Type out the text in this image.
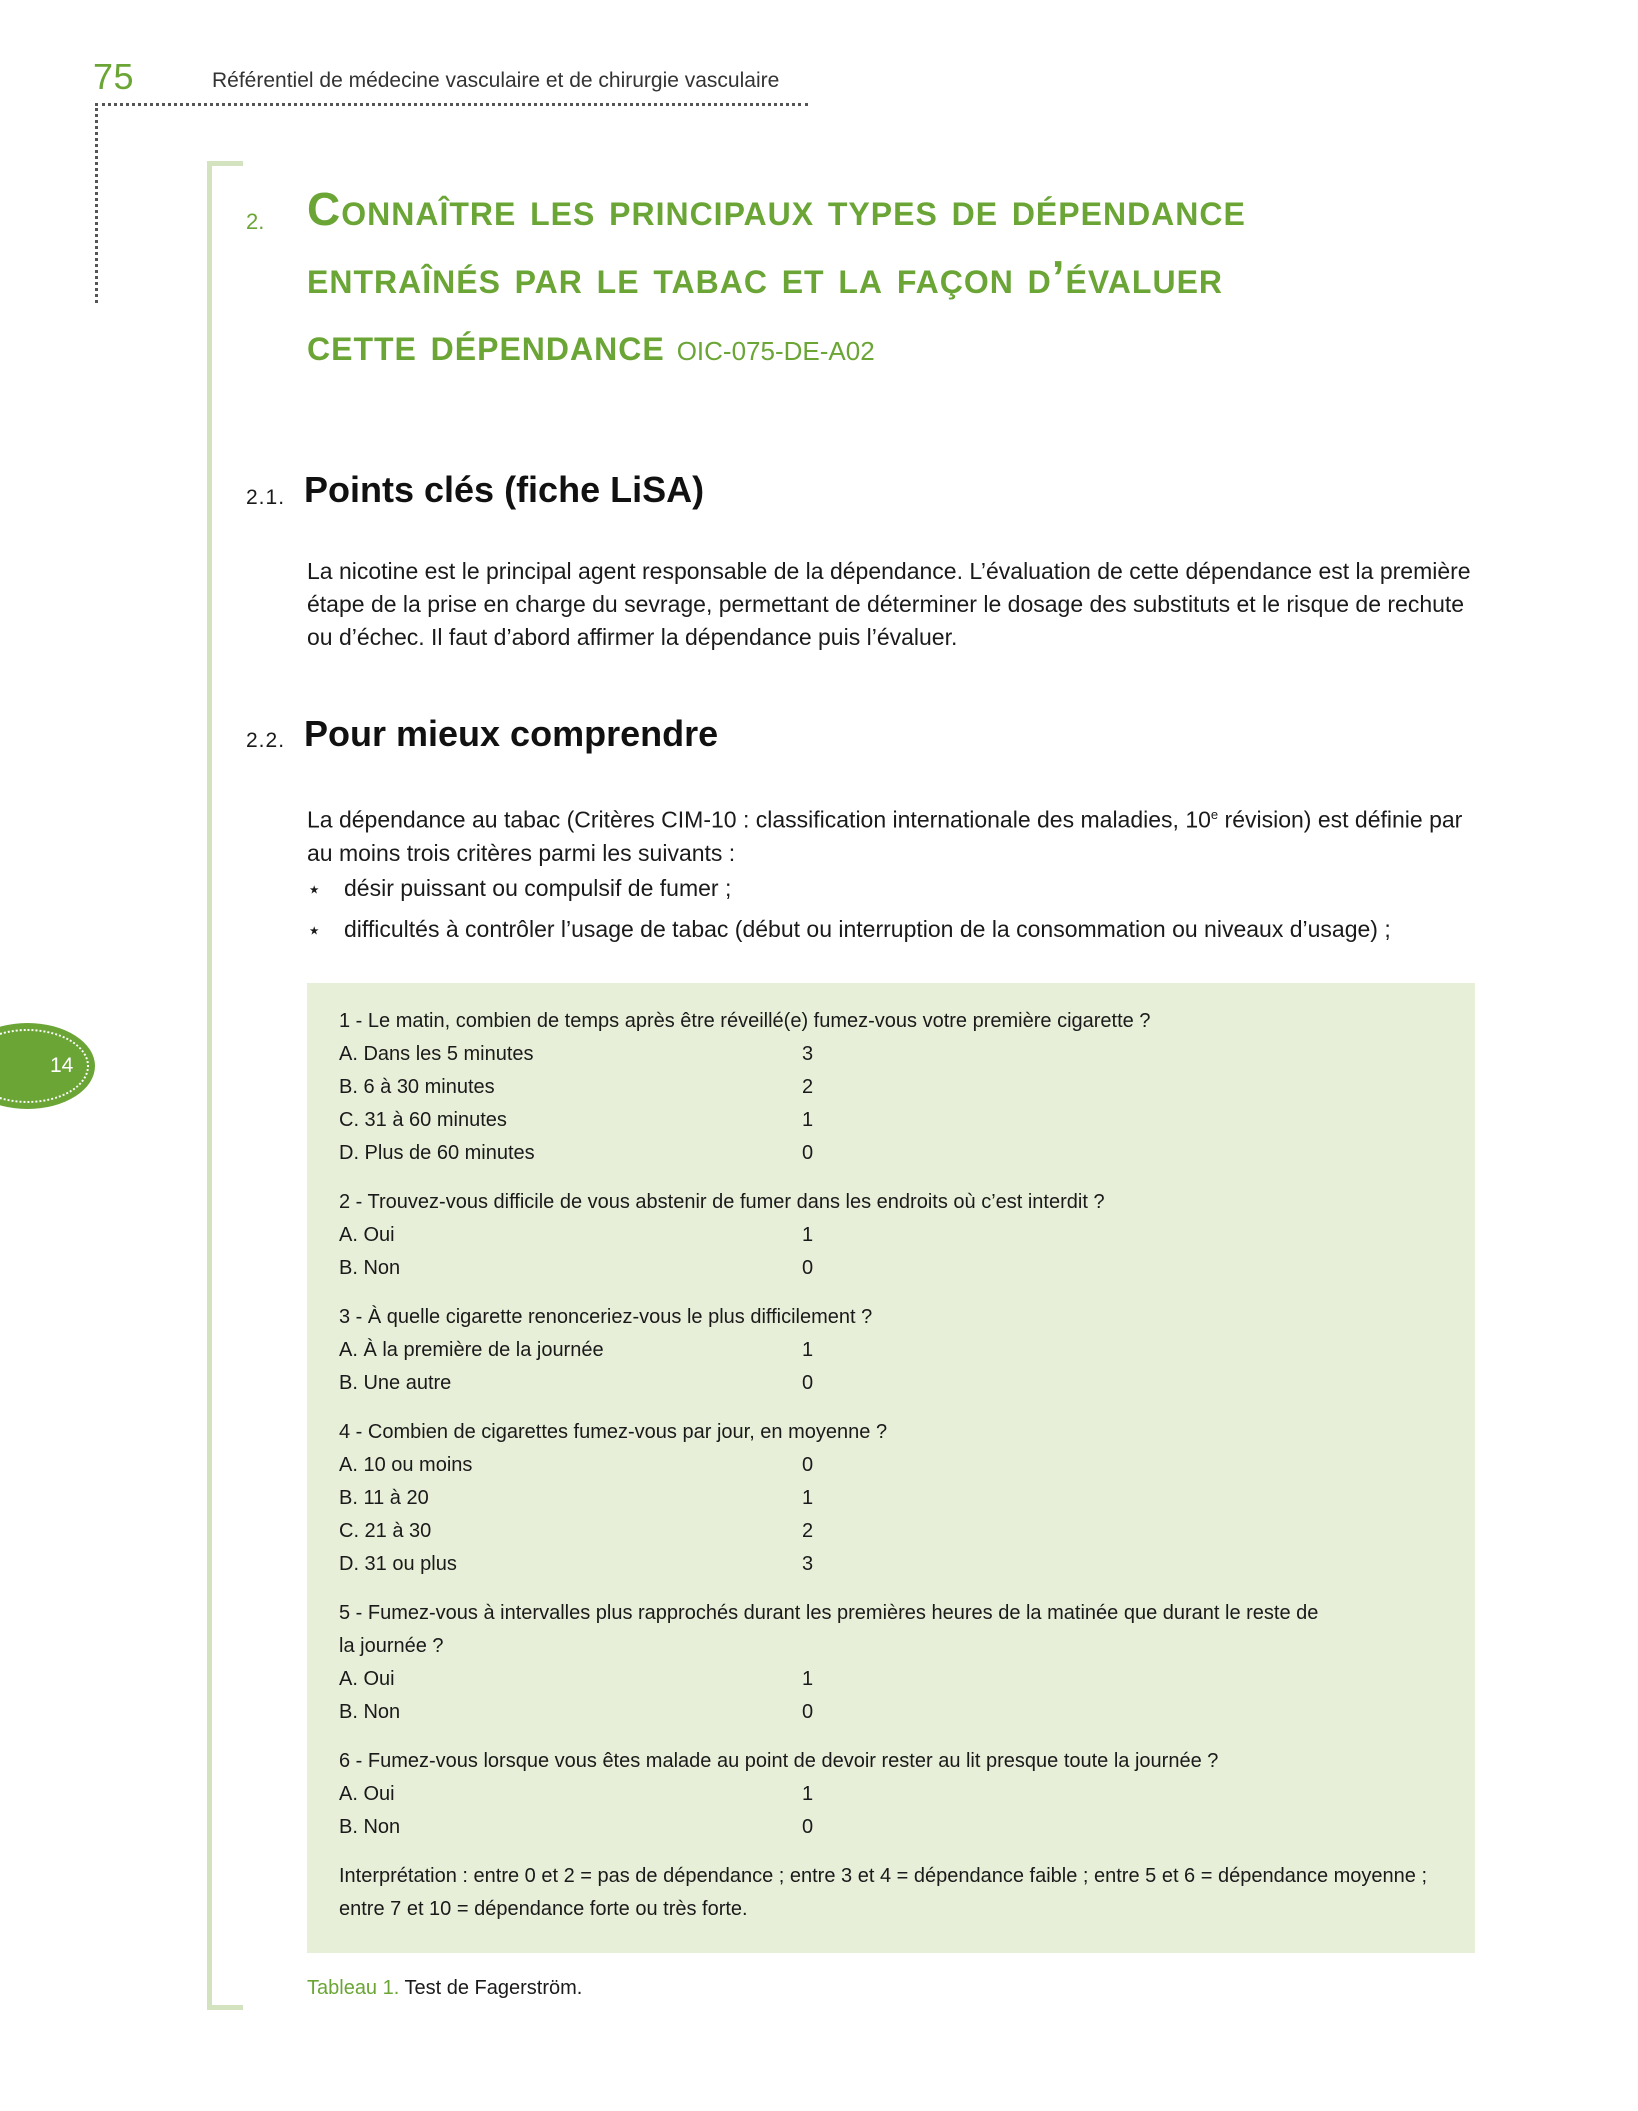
75	Référentiel de médecine vasculaire et de chirurgie vasculaire
14
2. Connaître les principaux types de dépendance
entraînés par le tabac et la façon d’évaluer
cette dépendance OIC-075-DE-A02
2.1. Points clés (fiche LiSA)
La nicotine est le principal agent responsable de la dépendance. L’évaluation de cette dépendance est la première étape de la prise en charge du sevrage, permettant de déterminer le dosage des substituts et le risque de rechute ou d’échec. Il faut d’abord affirmer la dépendance puis l’évaluer.
2.2. Pour mieux comprendre
La dépendance au tabac (Critères CIM-10 : classification internationale des maladies, 10e révision) est définie par au moins trois critères parmi les suivants :
⋆ désir puissant ou compulsif de fumer ;
⋆ difficultés à contrôler l’usage de tabac (début ou interruption de la consommation ou niveaux d’usage) ;
1 - Le matin, combien de temps après être réveillé(e) fumez-vous votre première cigarette ?
A. Dans les 5 minutes	3
B. 6 à 30 minutes	2
C. 31 à 60 minutes	1
D. Plus de 60 minutes	0
2 - Trouvez-vous difficile de vous abstenir de fumer dans les endroits où c’est interdit ?
A. Oui	1
B. Non	0
3 - À quelle cigarette renonceriez-vous le plus difficilement ?
A. À la première de la journée	1
B. Une autre	0
4 - Combien de cigarettes fumez-vous par jour, en moyenne ?
A. 10 ou moins	0
B. 11 à 20	1
C. 21 à 30	2
D. 31 ou plus	3
5 - Fumez-vous à intervalles plus rapprochés durant les premières heures de la matinée que durant le reste de
la journée ?
A. Oui	1
B. Non	0
6 - Fumez-vous lorsque vous êtes malade au point de devoir rester au lit presque toute la journée ?
A. Oui	1
B. Non	0
Interprétation : entre 0 et 2 = pas de dépendance ; entre 3 et 4 = dépendance faible ; entre 5 et 6 = dépendance moyenne ; entre 7 et 10 = dépendance forte ou très forte.
Tableau 1. Test de Fagerström.
